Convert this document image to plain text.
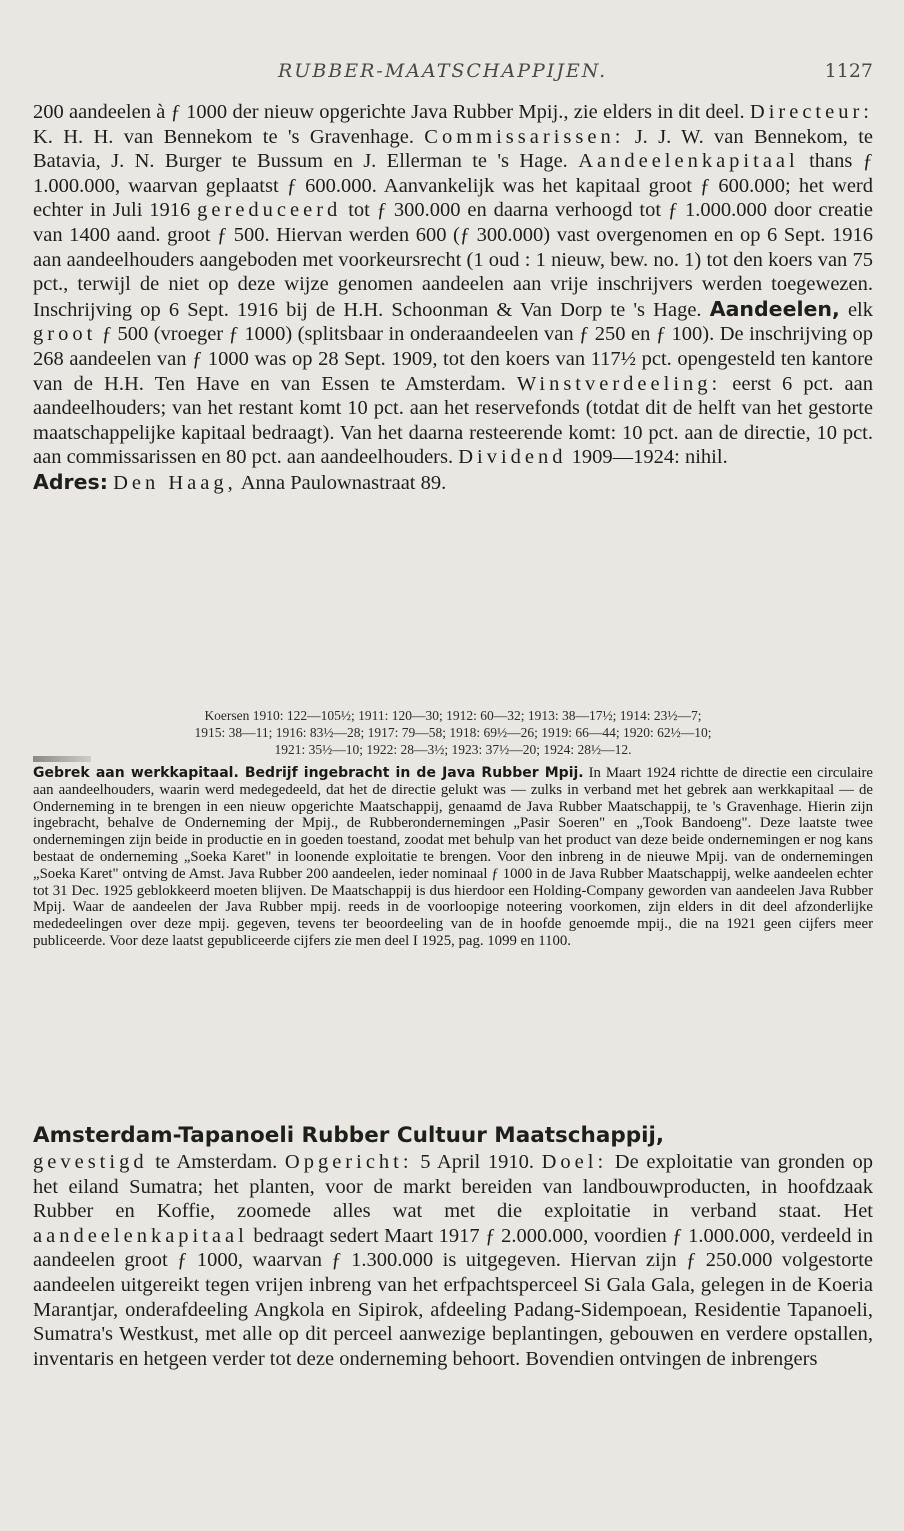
RUBBER-MAATSCHAPPIJEN.	1127

200 aandeelen à ƒ 1000 der nieuw opgerichte Java Rubber Mpij., zie elders in dit deel. Directeur: K. H. H. van Bennekom te 's Gravenhage. Commissarissen: J. J. W. van Bennekom, te Batavia, J. N. Burger te Bussum en J. Ellerman te 's Hage. Aandeelenkapitaal thans ƒ 1.000.000, waarvan geplaatst ƒ 600.000. Aanvankelijk was het kapitaal groot ƒ 600.000; het werd echter in Juli 1916 gereduceerd tot ƒ 300.000 en daarna verhoogd tot ƒ 1.000.000 door creatie van 1400 aand. groot ƒ 500. Hiervan werden 600 (ƒ 300.000) vast overgenomen en op 6 Sept. 1916 aan aandeelhouders aangeboden met voorkeursrecht (1 oud : 1 nieuw, bew. no. 1) tot den koers van 75 pct., terwijl de niet op deze wijze genomen aandeelen aan vrije inschrijvers werden toegewezen. Inschrijving op 6 Sept. 1916 bij de H.H. Schoonman & Van Dorp te 's Hage. Aandeelen, elk groot ƒ 500 (vroeger ƒ 1000) (splitsbaar in onderaandeelen van ƒ 250 en ƒ 100). De inschrijving op 268 aandeelen van ƒ 1000 was op 28 Sept. 1909, tot den koers van 117½ pct. opengesteld ten kantore van de H.H. Ten Have en van Essen te Amsterdam. Winstverdeeling: eerst 6 pct. aan aandeelhouders; van het restant komt 10 pct. aan het reservefonds (totdat dit de helft van het gestorte maatschappelijke kapitaal bedraagt). Van het daarna resteerende komt: 10 pct. aan de directie, 10 pct. aan commissarissen en 80 pct. aan aandeelhouders. Dividend 1909—1924: nihil.

Adres: Den Haag, Anna Paulownastraat 89.

Koersen 1910: 122—105½; 1911: 120—30; 1912: 60—32; 1913: 38—17½; 1914: 23½—7;
1915: 38—11; 1916: 83½—28; 1917: 79—58; 1918: 69½—26; 1919: 66—44; 1920: 62½—10;
1921: 35½—10; 1922: 28—3½; 1923: 37½—20; 1924: 28½—12.
Gebrek aan werkkapitaal. Bedrijf ingebracht in de Java Rubber Mpij. In Maart 1924 richtte de directie een circulaire aan aandeelhouders, waarin werd medegedeeld, dat het de directie gelukt was — zulks in verband met het gebrek aan werkkapitaal — de Onderneming in te brengen in een nieuw opgerichte Maatschappij, genaamd de Java Rubber Maatschappij, te 's Gravenhage. Hierin zijn ingebracht, behalve de Onderneming der Mpij., de Rubberondernemingen „Pasir Soeren" en „Took Bandoeng". Deze laatste twee ondernemingen zijn beide in productie en in goeden toestand, zoodat met behulp van het product van deze beide ondernemingen er nog kans bestaat de onderneming „Soeka Karet" in loonende exploitatie te brengen. Voor den inbreng in de nieuwe Mpij. van de ondernemingen „Soeka Karet" ontving de Amst. Java Rubber 200 aandeelen, ieder nominaal ƒ 1000 in de Java Rubber Maatschappij, welke aandeelen echter tot 31 Dec. 1925 geblokkeerd moeten blijven. De Maatschappij is dus hierdoor een Holding-Company geworden van aandeelen Java Rubber Mpij. Waar de aandeelen der Java Rubber mpij. reeds in de voorloopige noteering voorkomen, zijn elders in dit deel afzonderlijke mededeelingen over deze mpij. gegeven, tevens ter beoordeeling van de in hoofde genoemde mpij., die na 1921 geen cijfers meer publiceerde. Voor deze laatst gepubliceerde cijfers zie men deel I 1925, pag. 1099 en 1100.
Amsterdam-Tapanoeli Rubber Cultuur Maatschappij,

gevestigd te Amsterdam. Opgericht: 5 April 1910. Doel: De exploitatie van gronden op het eiland Sumatra; het planten, voor de markt bereiden van landbouwproducten, in hoofdzaak Rubber en Koffie, zoomede alles wat met die exploitatie in verband staat. Het aandeelenkapitaal bedraagt sedert Maart 1917 ƒ 2.000.000, voordien ƒ 1.000.000, verdeeld in aandeelen groot ƒ 1000, waarvan ƒ 1.300.000 is uitgegeven. Hiervan zijn ƒ 250.000 volgestorte aandeelen uitgereikt tegen vrijen inbreng van het erfpachtsperceel Si Gala Gala, gelegen in de Koeria Marantjar, onderafdeeling Angkola en Sipirok, afdeeling Padang-Sidempoean, Residentie Tapanoeli, Sumatra's Westkust, met alle op dit perceel aanwezige beplantingen, gebouwen en verdere opstallen, inventaris en hetgeen verder tot deze onderneming behoort. Bovendien ontvingen de inbrengers
